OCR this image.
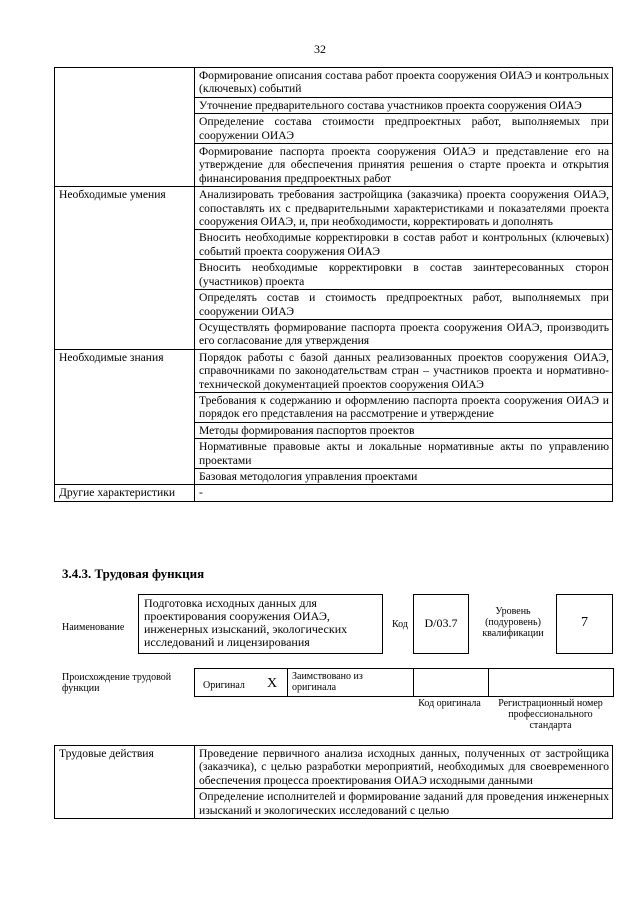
32
	Формирование описания состава работ проекта сооружения ОИАЭ и контрольных (ключевых) событий
	Уточнение предварительного состава участников проекта сооружения ОИАЭ
	Определение состава стоимости предпроектных работ, выполняемых при сооружении ОИАЭ
	Формирование паспорта проекта сооружения ОИАЭ и представление его на утверждение для обеспечения принятия решения о старте проекта и открытия финансирования предпроектных работ
Необходимые умения	Анализировать требования застройщика (заказчика) проекта сооружения ОИАЭ, сопоставлять их с предварительными характеристиками и показателями проекта сооружения ОИАЭ, и, при необходимости, корректировать и дополнять
	Вносить необходимые корректировки в состав работ и контрольных (ключевых) событий проекта сооружения ОИАЭ
	Вносить необходимые корректировки в состав заинтересованных сторон (участников) проекта
	Определять состав и стоимость предпроектных работ, выполняемых при сооружении ОИАЭ
	Осуществлять формирование паспорта проекта сооружения ОИАЭ, производить его согласование для утверждения
Необходимые знания	Порядок работы с базой данных реализованных проектов сооружения ОИАЭ, справочниками по законодательствам стран – участников проекта и нормативно-технической документацией проектов сооружения ОИАЭ
	Требования к содержанию и оформлению паспорта проекта сооружения ОИАЭ и порядок его представления на рассмотрение и утверждение
	Методы формирования паспортов проектов
	Нормативные правовые акты и локальные нормативные акты по управлению проектами
	Базовая методология управления проектами
Другие характеристики	-
3.4.3. Трудовая функция
Наименование
Подготовка исходных данных для проектирования сооружения ОИАЭ, инженерных изысканий, экологических исследований и лицензирования
Код	D/03.7
Уровень (подуровень) квалификации
7
Происхождение трудовой функции	Оригинал X Заимствовано из оригинала
Код оригинала	Регистрационный номер профессионального стандарта
Трудовые действия	Проведение первичного анализа исходных данных, полученных от застройщика (заказчика), с целью разработки мероприятий, необходимых для своевременного обеспечения процесса проектирования ОИАЭ исходными данными
Определение исполнителей и формирование заданий для проведения инженерных изысканий и экологических исследований с целью
